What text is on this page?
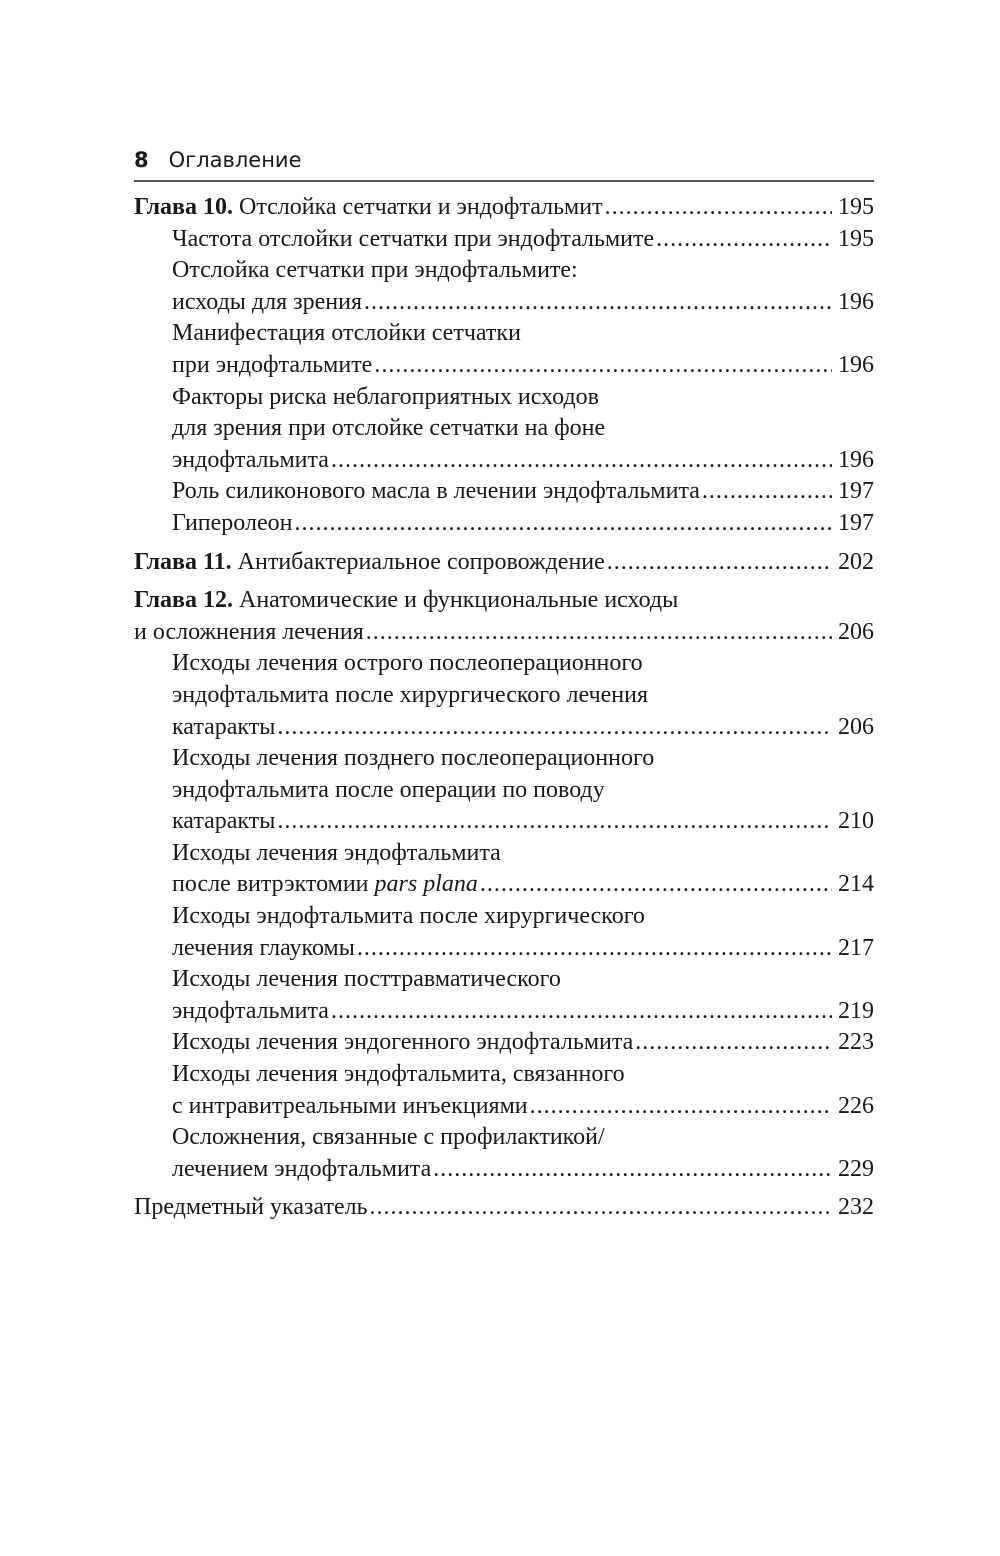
8 Оглавление
Глава 10. Отслойка сетчатки и эндофтальмит .....	195
Частота отслойки сетчатки при эндофтальмите .....	195
Отслойка сетчатки при эндофтальмите:
исходы для зрения .....	196
Манифестация отслойки сетчатки
при эндофтальмите .....	196
Факторы риска неблагоприятных исходов
для зрения при отслойке сетчатки на фоне
эндофтальмита .....	196
Роль силиконового масла в лечении эндофтальмита .....	197
Гиперолеон .....	197
Глава 11. Антибактериальное сопровождение .....	202
Глава 12. Анатомические и функциональные исходы
и осложнения лечения .....	206
Исходы лечения острого послеоперационного
эндофтальмита после хирургического лечения
катаракты .....	206
Исходы лечения позднего послеоперационного
эндофтальмита после операции по поводу
катаракты .....	210
Исходы лечения эндофтальмита
после витрэктомии pars plana .....	214
Исходы эндофтальмита после хирургического
лечения глаукомы .....	217
Исходы лечения посттравматического
эндофтальмита .....	219
Исходы лечения эндогенного эндофтальмита .....	223
Исходы лечения эндофтальмита, связанного
с интравитреальными инъекциями .....	226
Осложнения, связанные с профилактикой/
лечением эндофтальмита .....	229
Предметный указатель .....	232
